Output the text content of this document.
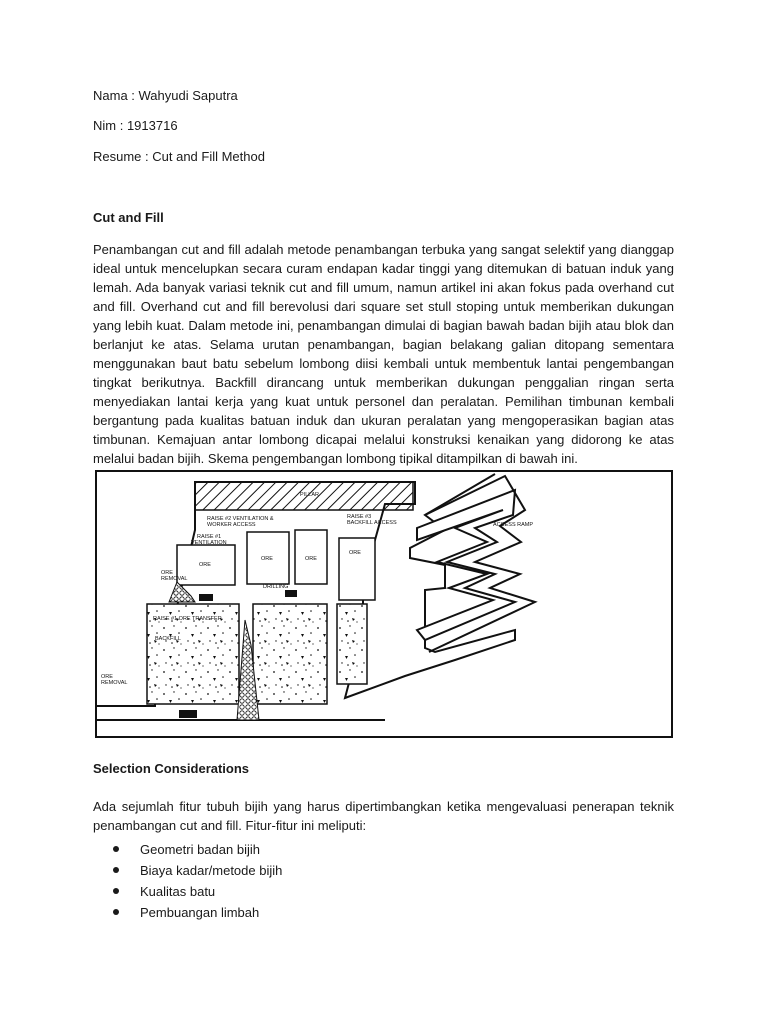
Nama : Wahyudi Saputra

Nim : 1913716

Resume : Cut and Fill Method

Cut and Fill

Penambangan cut and fill adalah metode penambangan terbuka yang sangat selektif yang dianggap ideal untuk mencelupkan secara curam endapan kadar tinggi yang ditemukan di batuan induk yang lemah. Ada banyak variasi teknik cut and fill umum, namun artikel ini akan fokus pada overhand cut and fill. Overhand cut and fill berevolusi dari square set stull stoping untuk memberikan dukungan yang lebih kuat. Dalam metode ini, penambangan dimulai di bagian bawah badan bijih atau blok dan berlanjut ke atas. Selama urutan penambangan, bagian belakang galian ditopang sementara menggunakan baut batu sebelum lombong diisi kembali untuk membentuk lantai pengembangan tingkat berikutnya. Backfill dirancang untuk memberikan dukungan penggalian ringan serta menyediakan lantai kerja yang kuat untuk personel dan peralatan. Pemilihan timbunan kembali bergantung pada kualitas batuan induk dan ukuran peralatan yang mengoperasikan bagian atas timbunan. Kemajuan antar lombong dicapai melalui konstruksi kenaikan yang didorong ke atas melalui badan bijih. Skema pengembangan lombong tipikal ditampilkan di bawah ini.

PILLAR
RAISE #2 VENTILATION &
WORKER ACCESS
RAISE #3
BACKFILL ACCESS	ACCESS RAMP
RAISE #1
VENTILATION
ORE
ORE	ORE
ORE
ORE
REMOVAL
DRILLING
RAISE #1 ORE TRANSFER
BACKFILL
ORE
REMOVAL

Selection Considerations

Ada sejumlah fitur tubuh bijih yang harus dipertimbangkan ketika mengevaluasi penerapan teknik penambangan cut and fill. Fitur-fitur ini meliputi:

Geometri badan bijih
Biaya kadar/metode bijih
Kualitas batu
Pembuangan limbah
